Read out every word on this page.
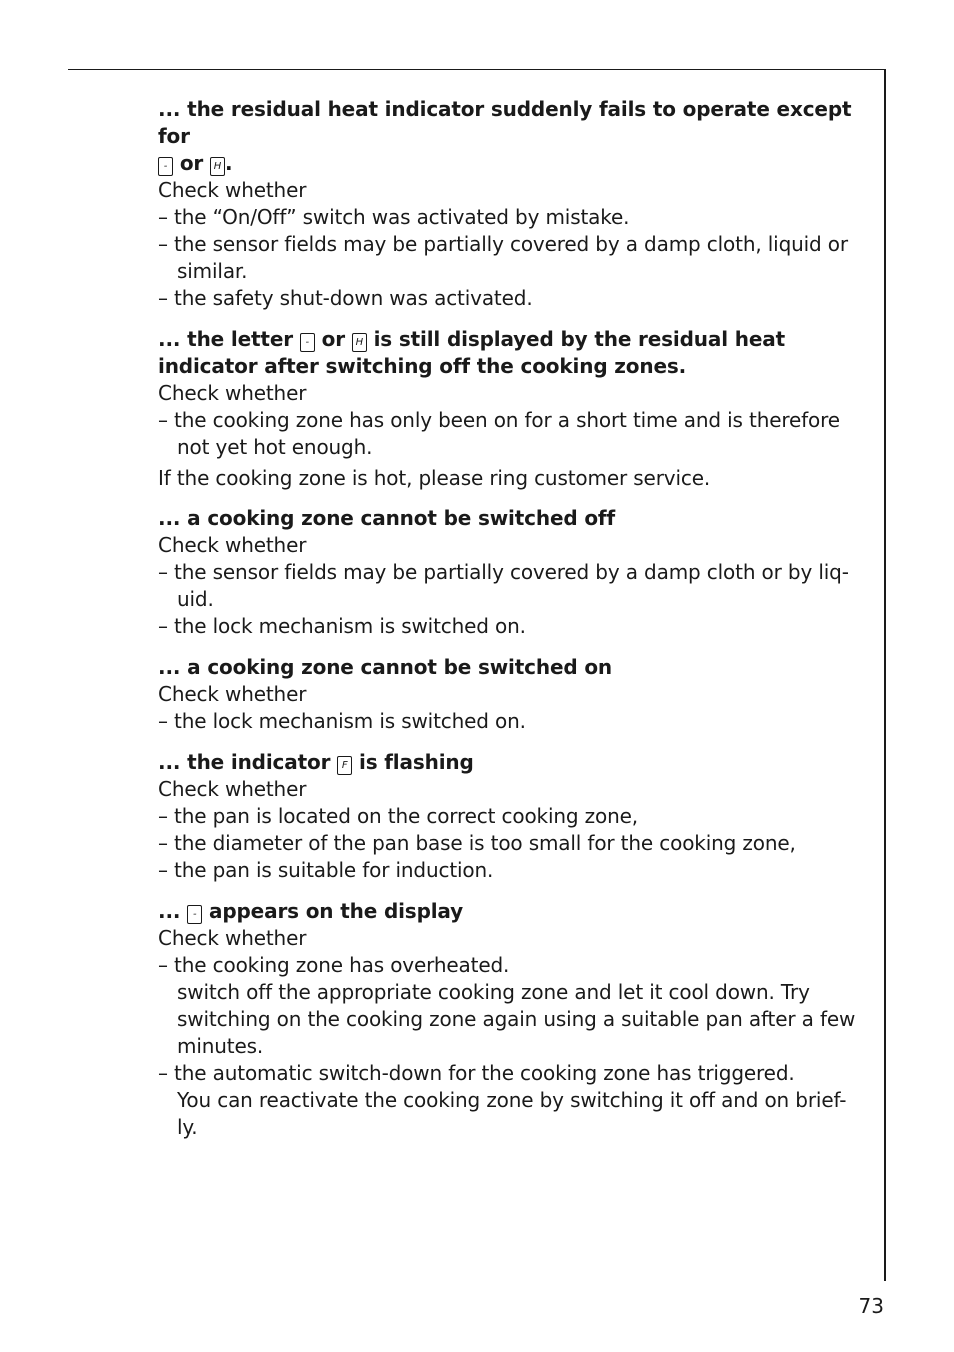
... the residual heat indicator suddenly fails to operate except for
- or H .
Check whether
– the “On/Off” switch was activated by mistake.
– the sensor fields may be partially covered by a damp cloth, liquid or similar.
– the safety shut-down was activated.
... the letter - or H is still displayed by the residual heat indicator after switching off the cooking zones.
Check whether
– the cooking zone has only been on for a short time and is therefore not yet hot enough.
If the cooking zone is hot, please ring customer service.
... a cooking zone cannot be switched off
Check whether
– the sensor fields may be partially covered by a damp cloth or by liq- uid.
– the lock mechanism is switched on.
... a cooking zone cannot be switched on
Check whether
– the lock mechanism is switched on.
... the indicator F is flashing
Check whether
– the pan is located on the correct cooking zone,
– the diameter of the pan base is too small for the cooking zone,
– the pan is suitable for induction.
... - appears on the display
Check whether
– the cooking zone has overheated.
switch off the appropriate cooking zone and let it cool down. Try switching on the cooking zone again using a suitable pan after a few minutes.
– the automatic switch-down for the cooking zone has triggered.
You can reactivate the cooking zone by switching it off and on brief- ly.
73
